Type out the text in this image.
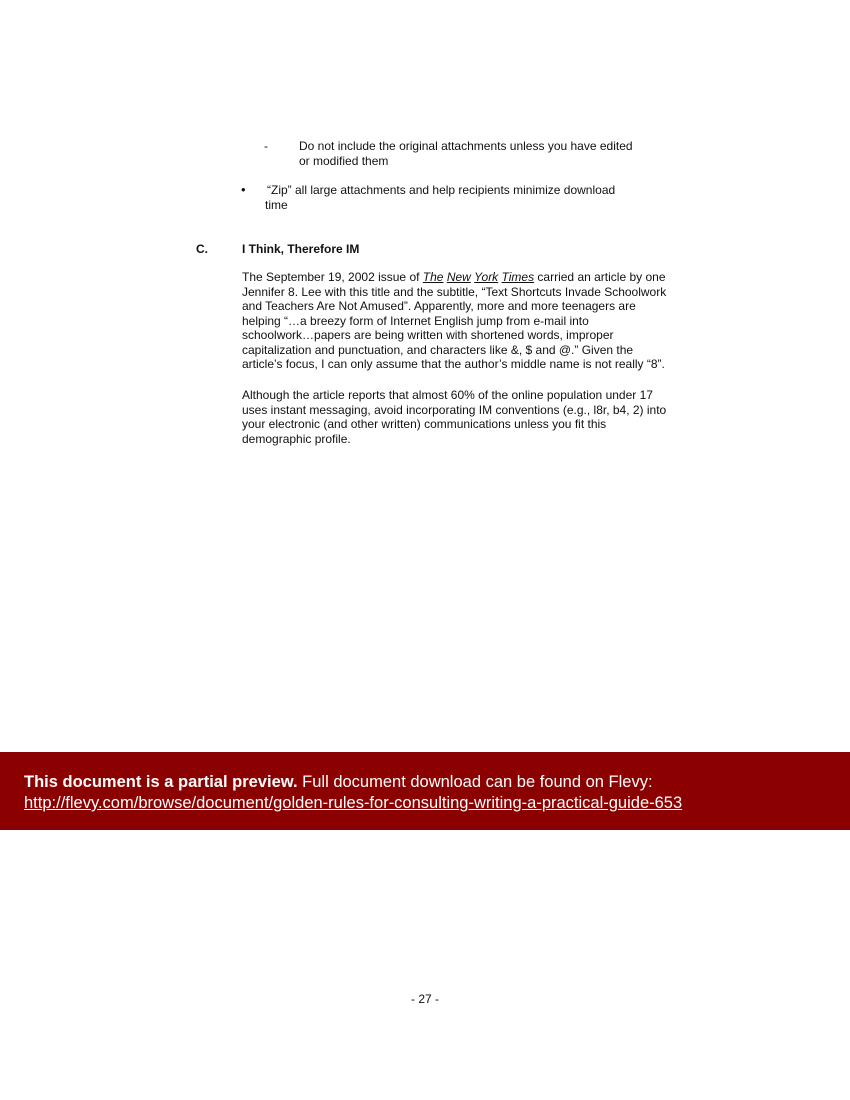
-	Do not include the original attachments unless you have edited
or modified them

• “Zip” all large attachments and help recipients minimize download
time

C.	I Think, Therefore IM

The September 19, 2002 issue of The New York Times carried an article by one
Jennifer 8. Lee with this title and the subtitle, “Text Shortcuts Invade Schoolwork
and Teachers Are Not Amused”. Apparently, more and more teenagers are
helping “…a breezy form of Internet English jump from e-mail into
schoolwork…papers are being written with shortened words, improper
capitalization and punctuation, and characters like &, $ and @.” Given the
article’s focus, I can only assume that the author’s middle name is not really “8”.

Although the article reports that almost 60% of the online population under 17
uses instant messaging, avoid incorporating IM conventions (e.g., l8r, b4, 2) into
your electronic (and other written) communications unless you fit this
demographic profile.

This document is a partial preview. Full document download can be found on Flevy:
http://flevy.com/browse/document/golden-rules-for-consulting-writing-a-practical-guide-653
- 27 -
